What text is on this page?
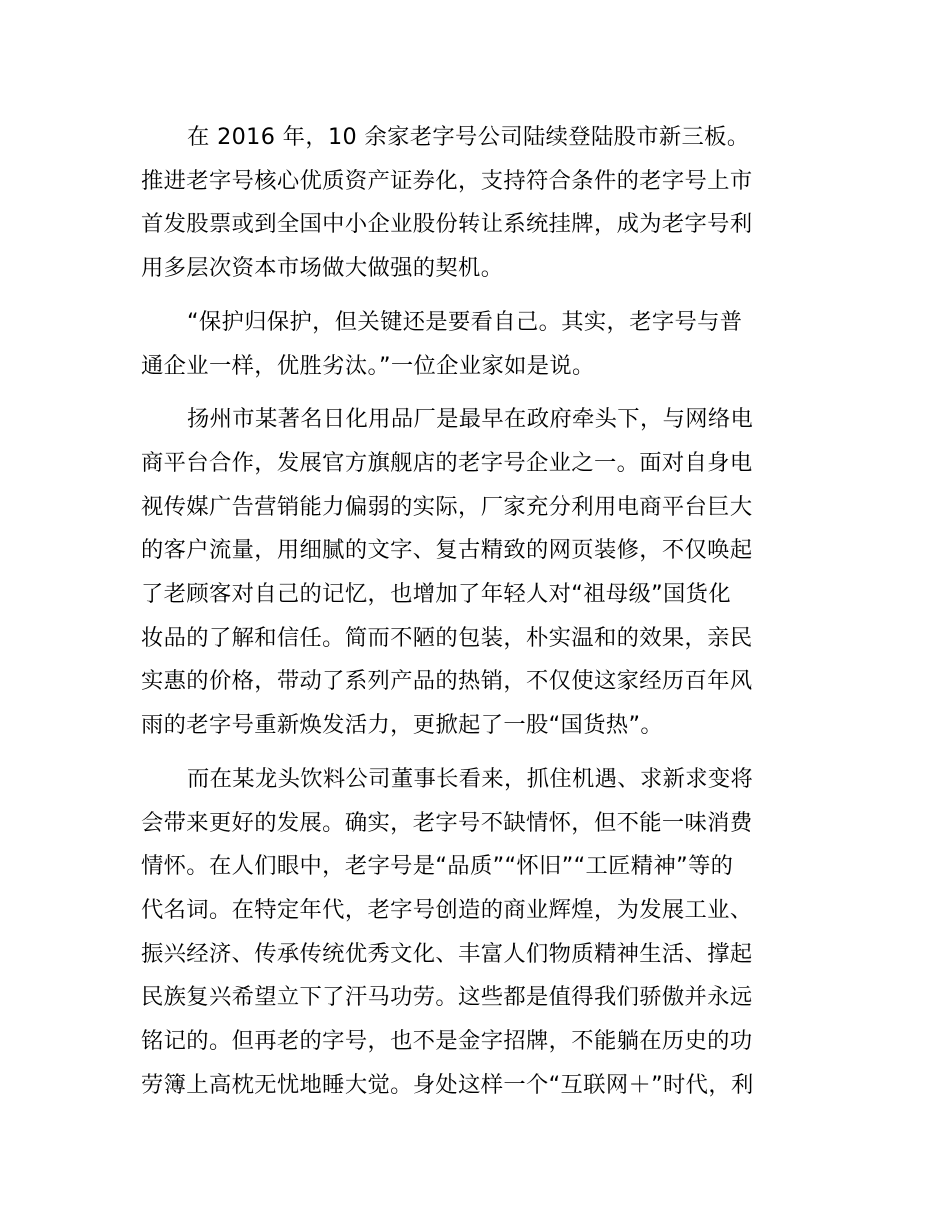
在 2016 年，10 余家老字号公司陆续登陆股市新三板。
推进老字号核心优质资产证券化，支持符合条件的老字号上市
首发股票或到全国中小企业股份转让系统挂牌，成为老字号利
用多层次资本市场做大做强的契机。

“保护归保护，但关键还是要看自己。其实，老字号与普
通企业一样，优胜劣汰。”一位企业家如是说。

扬州市某著名日化用品厂是最早在政府牵头下，与网络电
商平台合作，发展官方旗舰店的老字号企业之一。面对自身电
视传媒广告营销能力偏弱的实际，厂家充分利用电商平台巨大
的客户流量，用细腻的文字、复古精致的网页装修，不仅唤起
了老顾客对自己的记忆，也增加了年轻人对“祖母级”国货化
妆品的了解和信任。简而不陋的包装，朴实温和的效果，亲民
实惠的价格，带动了系列产品的热销，不仅使这家经历百年风
雨的老字号重新焕发活力，更掀起了一股“国货热”。

而在某龙头饮料公司董事长看来，抓住机遇、求新求变将
会带来更好的发展。确实，老字号不缺情怀，但不能一味消费
情怀。在人们眼中，老字号是“品质”“怀旧”“工匠精神”等的
代名词。在特定年代，老字号创造的商业辉煌，为发展工业、
振兴经济、传承传统优秀文化、丰富人们物质精神生活、撑起
民族复兴希望立下了汗马功劳。这些都是值得我们骄傲并永远
铭记的。但再老的字号，也不是金字招牌，不能躺在历史的功
劳簿上高枕无忧地睡大觉。身处这样一个“互联网＋”时代，利
